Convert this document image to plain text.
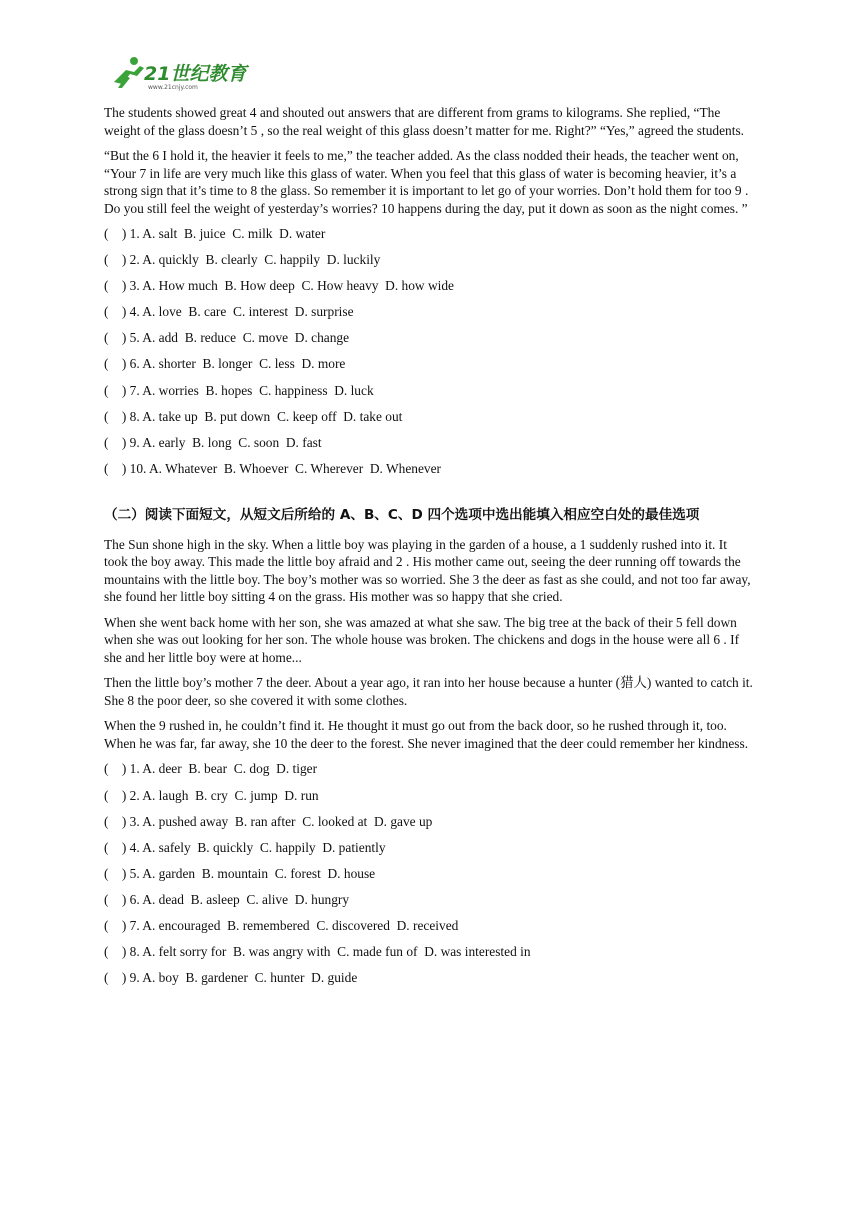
21世纪教育
www.21cnjy.com

The students showed great 4 and shouted out answers that are different from grams to kilograms. She replied, “The weight of the glass doesn’t 5 , so the real weight of this glass doesn’t matter for me. Right?” “Yes,” agreed the students.

“But the 6 I hold it, the heavier it feels to me,” the teacher added. As the class nodded their heads, the teacher went on, “Your 7 in life are very much like this glass of water. When you feel that this glass of water is becoming heavier, it’s a strong sign that it’s time to 8 the glass. So remember it is important to let go of your worries. Don’t hold them for too 9 . Do you still feel the weight of yesterday’s worries? 10 happens during the day, put it down as soon as the night comes. ”

(    ) 1. A. salt  B. juice  C. milk  D. water

(    ) 2. A. quickly  B. clearly  C. happily  D. luckily

(    ) 3. A. How much  B. How deep  C. How heavy  D. how wide

(    ) 4. A. love  B. care  C. interest  D. surprise

(    ) 5. A. add  B. reduce  C. move  D. change

(    ) 6. A. shorter  B. longer  C. less  D. more

(    ) 7. A. worries  B. hopes  C. happiness  D. luck

(    ) 8. A. take up  B. put down  C. keep off  D. take out

(    ) 9. A. early  B. long  C. soon  D. fast

(    ) 10. A. Whatever  B. Whoever  C. Wherever  D. Whenever

（二）阅读下面短文，从短文后所给的 A、B、C、D 四个选项中选出能填入相应空白处的最佳选项

The Sun shone high in the sky. When a little boy was playing in the garden of a house, a 1 suddenly rushed into it. It took the boy away. This made the little boy afraid and 2 . His mother came out, seeing the deer running off towards the mountains with the little boy. The boy’s mother was so worried. She 3 the deer as fast as she could, and not too far away, she found her little boy sitting 4 on the grass. His mother was so happy that she cried.

When she went back home with her son, she was amazed at what she saw. The big tree at the back of their 5 fell down when she was out looking for her son. The whole house was broken. The chickens and dogs in the house were all 6 . If she and her little boy were at home...

Then the little boy’s mother 7 the deer. About a year ago, it ran into her house because a hunter (猎人) wanted to catch it. She 8 the poor deer, so she covered it with some clothes.

When the 9 rushed in, he couldn’t find it. He thought it must go out from the back door, so he rushed through it, too. When he was far, far away, she 10 the deer to the forest. She never imagined that the deer could remember her kindness.

(    ) 1. A. deer  B. bear  C. dog  D. tiger

(    ) 2. A. laugh  B. cry  C. jump  D. run

(    ) 3. A. pushed away  B. ran after  C. looked at  D. gave up

(    ) 4. A. safely  B. quickly  C. happily  D. patiently

(    ) 5. A. garden  B. mountain  C. forest  D. house

(    ) 6. A. dead  B. asleep  C. alive  D. hungry

(    ) 7. A. encouraged  B. remembered  C. discovered  D. received

(    ) 8. A. felt sorry for  B. was angry with  C. made fun of  D. was interested in

(    ) 9. A. boy  B. gardener  C. hunter  D. guide
